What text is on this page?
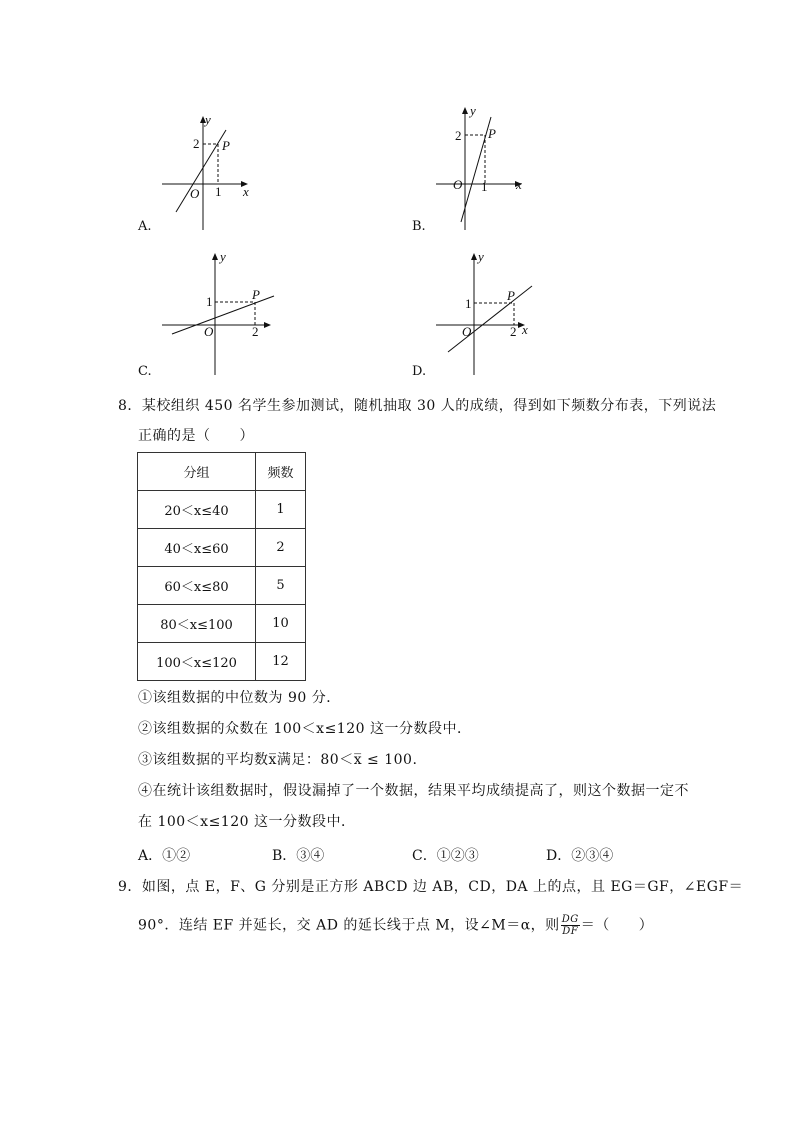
y
x
O 1
2 P
A.
y
x
O 1
2 P
B.
y
O	2
1	P
C.
y
x
O	2
1
P
D.
8．某校组织 450 名学生参加测试，随机抽取 30 人的成绩，得到如下频数分布表，下列说法
正确的是（　　）
分组	频数
20＜x≤40	1
40＜x≤60	2
60＜x≤80	5
80＜x≤100	10
100＜x≤120	12
①该组数据的中位数为 90 分．
②该组数据的众数在 100＜x≤120 这一分数段中．
③该组数据的平均数x̅满足：80＜x̅ ≤ 100.
④在统计该组数据时，假设漏掉了一个数据，结果平均成绩提高了，则这个数据一定不
在 100＜x≤120 这一分数段中．
A．①②	B．③④	C．①②③	D．②③④
9．如图，点 E，F、G 分别是正方形 ABCD 边 AB，CD，DA 上的点，且 EG＝GF，∠EGF＝
90°．连结 EF 并延长，交 AD 的延长线于点 M，设∠M＝α，则 $\frac{DG}{DF}$ ＝（　　）
